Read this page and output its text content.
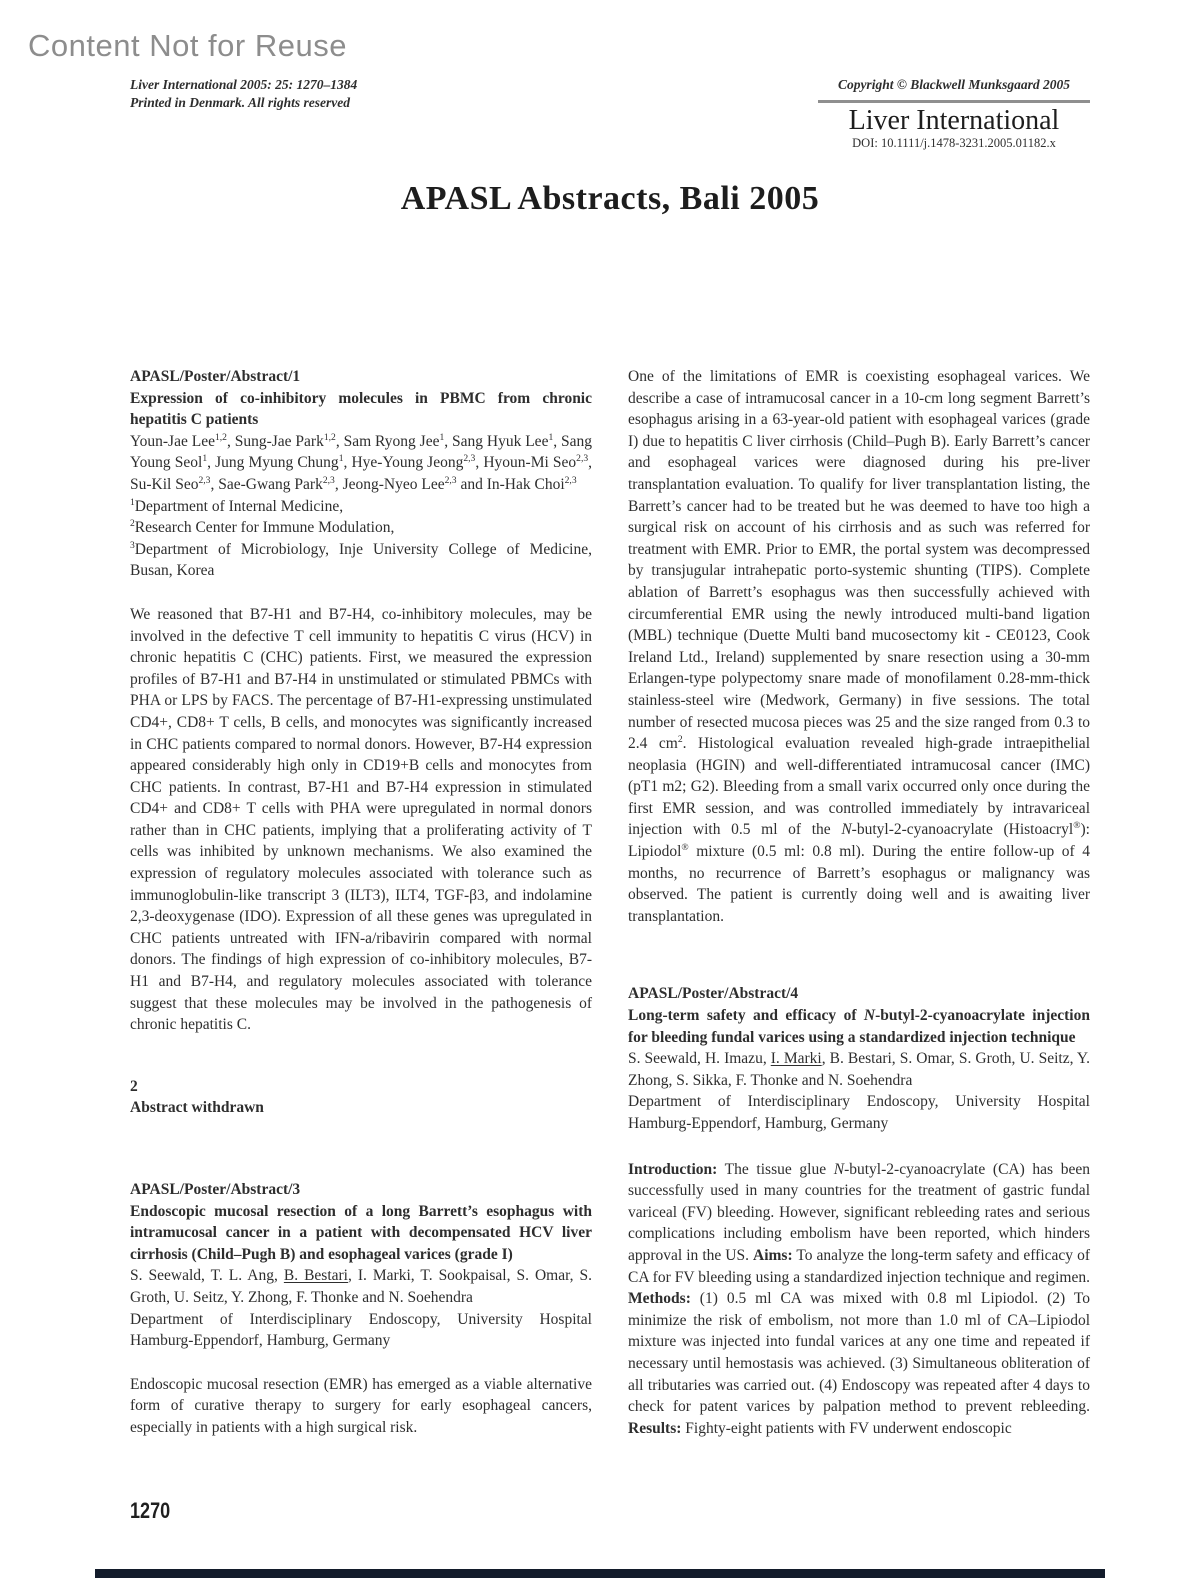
Content Not for Reuse
Liver International 2005: 25: 1270–1384
Printed in Denmark. All rights reserved
Copyright © Blackwell Munksgaard 2005
Liver International
DOI: 10.1111/j.1478-3231.2005.01182.x
APASL Abstracts, Bali 2005
APASL/Poster/Abstract/1
Expression of co-inhibitory molecules in PBMC from chronic hepatitis C patients
Youn-Jae Lee$^{1,2}$, Sung-Jae Park$^{1,2}$, Sam Ryong Jee$^1$, Sang Hyuk Lee$^1$, Sang Young Seol$^1$, Jung Myung Chung$^1$, Hye-Young Jeong$^{2,3}$, Hyoun-Mi Seo$^{2,3}$, Su-Kil Seo$^{2,3}$, Sae-Gwang Park$^{2,3}$, Jeong-Nyeo Lee$^{2,3}$ and In-Hak Choi$^{2,3}$
$^1$Department of Internal Medicine,
$^2$Research Center for Immune Modulation,
$^3$Department of Microbiology, Inje University College of Medicine, Busan, Korea
We reasoned that B7-H1 and B7-H4, co-inhibitory molecules, may be involved in the defective T cell immunity to hepatitis C virus (HCV) in chronic hepatitis C (CHC) patients. First, we measured the expression profiles of B7-H1 and B7-H4 in unstimulated or stimulated PBMCs with PHA or LPS by FACS. The percentage of B7-H1-expressing unstimulated CD4+, CD8+ T cells, B cells, and monocytes was significantly increased in CHC patients compared to normal donors. However, B7-H4 expression appeared considerably high only in CD19+B cells and monocytes from CHC patients. In contrast, B7-H1 and B7-H4 expression in stimulated CD4+ and CD8+ T cells with PHA were upregulated in normal donors rather than in CHC patients, implying that a proliferating activity of T cells was inhibited by unknown mechanisms. We also examined the expression of regulatory molecules associated with tolerance such as immunoglobulin-like transcript 3 (ILT3), ILT4, TGF-β3, and indolamine 2,3-deoxygenase (IDO). Expression of all these genes was upregulated in CHC patients untreated with IFN-a/ribavirin compared with normal donors. The findings of high expression of co-inhibitory molecules, B7-H1 and B7-H4, and regulatory molecules associated with tolerance suggest that these molecules may be involved in the pathogenesis of chronic hepatitis C.
2
Abstract withdrawn
APASL/Poster/Abstract/3
Endoscopic mucosal resection of a long Barrett’s esophagus with intramucosal cancer in a patient with decompensated HCV liver cirrhosis (Child–Pugh B) and esophageal varices (grade I)
S. Seewald, T. L. Ang, B. Bestari, I. Marki, T. Sookpaisal, S. Omar, S. Groth, U. Seitz, Y. Zhong, F. Thonke and N. Soehendra
Department of Interdisciplinary Endoscopy, University Hospital Hamburg-Eppendorf, Hamburg, Germany
Endoscopic mucosal resection (EMR) has emerged as a viable alternative form of curative therapy to surgery for early esophageal cancers, especially in patients with a high surgical risk.
One of the limitations of EMR is coexisting esophageal varices. We describe a case of intramucosal cancer in a 10-cm long segment Barrett’s esophagus arising in a 63-year-old patient with esophageal varices (grade I) due to hepatitis C liver cirrhosis (Child–Pugh B). Early Barrett’s cancer and esophageal varices were diagnosed during his pre-liver transplantation evaluation. To qualify for liver transplantation listing, the Barrett’s cancer had to be treated but he was deemed to have too high a surgical risk on account of his cirrhosis and as such was referred for treatment with EMR. Prior to EMR, the portal system was decompressed by transjugular intrahepatic porto-systemic shunting (TIPS). Complete ablation of Barrett’s esophagus was then successfully achieved with circumferential EMR using the newly introduced multi-band ligation (MBL) technique (Duette Multi band mucosectomy kit - CE0123, Cook Ireland Ltd., Ireland) supplemented by snare resection using a 30-mm Erlangen-type polypectomy snare made of monofilament 0.28-mm-thick stainless-steel wire (Medwork, Germany) in five sessions. The total number of resected mucosa pieces was 25 and the size ranged from 0.3 to 2.4 $cm^2$. Histological evaluation revealed high-grade intraepithelial neoplasia (HGIN) and well-differentiated intramucosal cancer (IMC) (pT1 m2; G2). Bleeding from a small varix occurred only once during the first EMR session, and was controlled immediately by intravariceal injection with 0.5 ml of the N-butyl-2-cyanoacrylate (Histoacryl®): Lipiodol® mixture (0.5 ml: 0.8 ml). During the entire follow-up of 4 months, no recurrence of Barrett’s esophagus or malignancy was observed. The patient is currently doing well and is awaiting liver transplantation.
APASL/Poster/Abstract/4
Long-term safety and efficacy of N-butyl-2-cyanoacrylate injection for bleeding fundal varices using a standardized injection technique
S. Seewald, H. Imazu, I. Marki, B. Bestari, S. Omar, S. Groth, U. Seitz, Y. Zhong, S. Sikka, F. Thonke and N. Soehendra
Department of Interdisciplinary Endoscopy, University Hospital Hamburg-Eppendorf, Hamburg, Germany
Introduction: The tissue glue N-butyl-2-cyanoacrylate (CA) has been successfully used in many countries for the treatment of gastric fundal variceal (FV) bleeding. However, significant rebleeding rates and serious complications including embolism have been reported, which hinders approval in the US. Aims: To analyze the long-term safety and efficacy of CA for FV bleeding using a standardized injection technique and regimen. Methods: (1) 0.5 ml CA was mixed with 0.8 ml Lipiodol. (2) To minimize the risk of embolism, not more than 1.0 ml of CA–Lipiodol mixture was injected into fundal varices at any one time and repeated if necessary until hemostasis was achieved. (3) Simultaneous obliteration of all tributaries was carried out. (4) Endoscopy was repeated after 4 days to check for patent varices by palpation method to prevent rebleeding. Results: Fighty-eight patients with FV underwent endoscopic
1270
